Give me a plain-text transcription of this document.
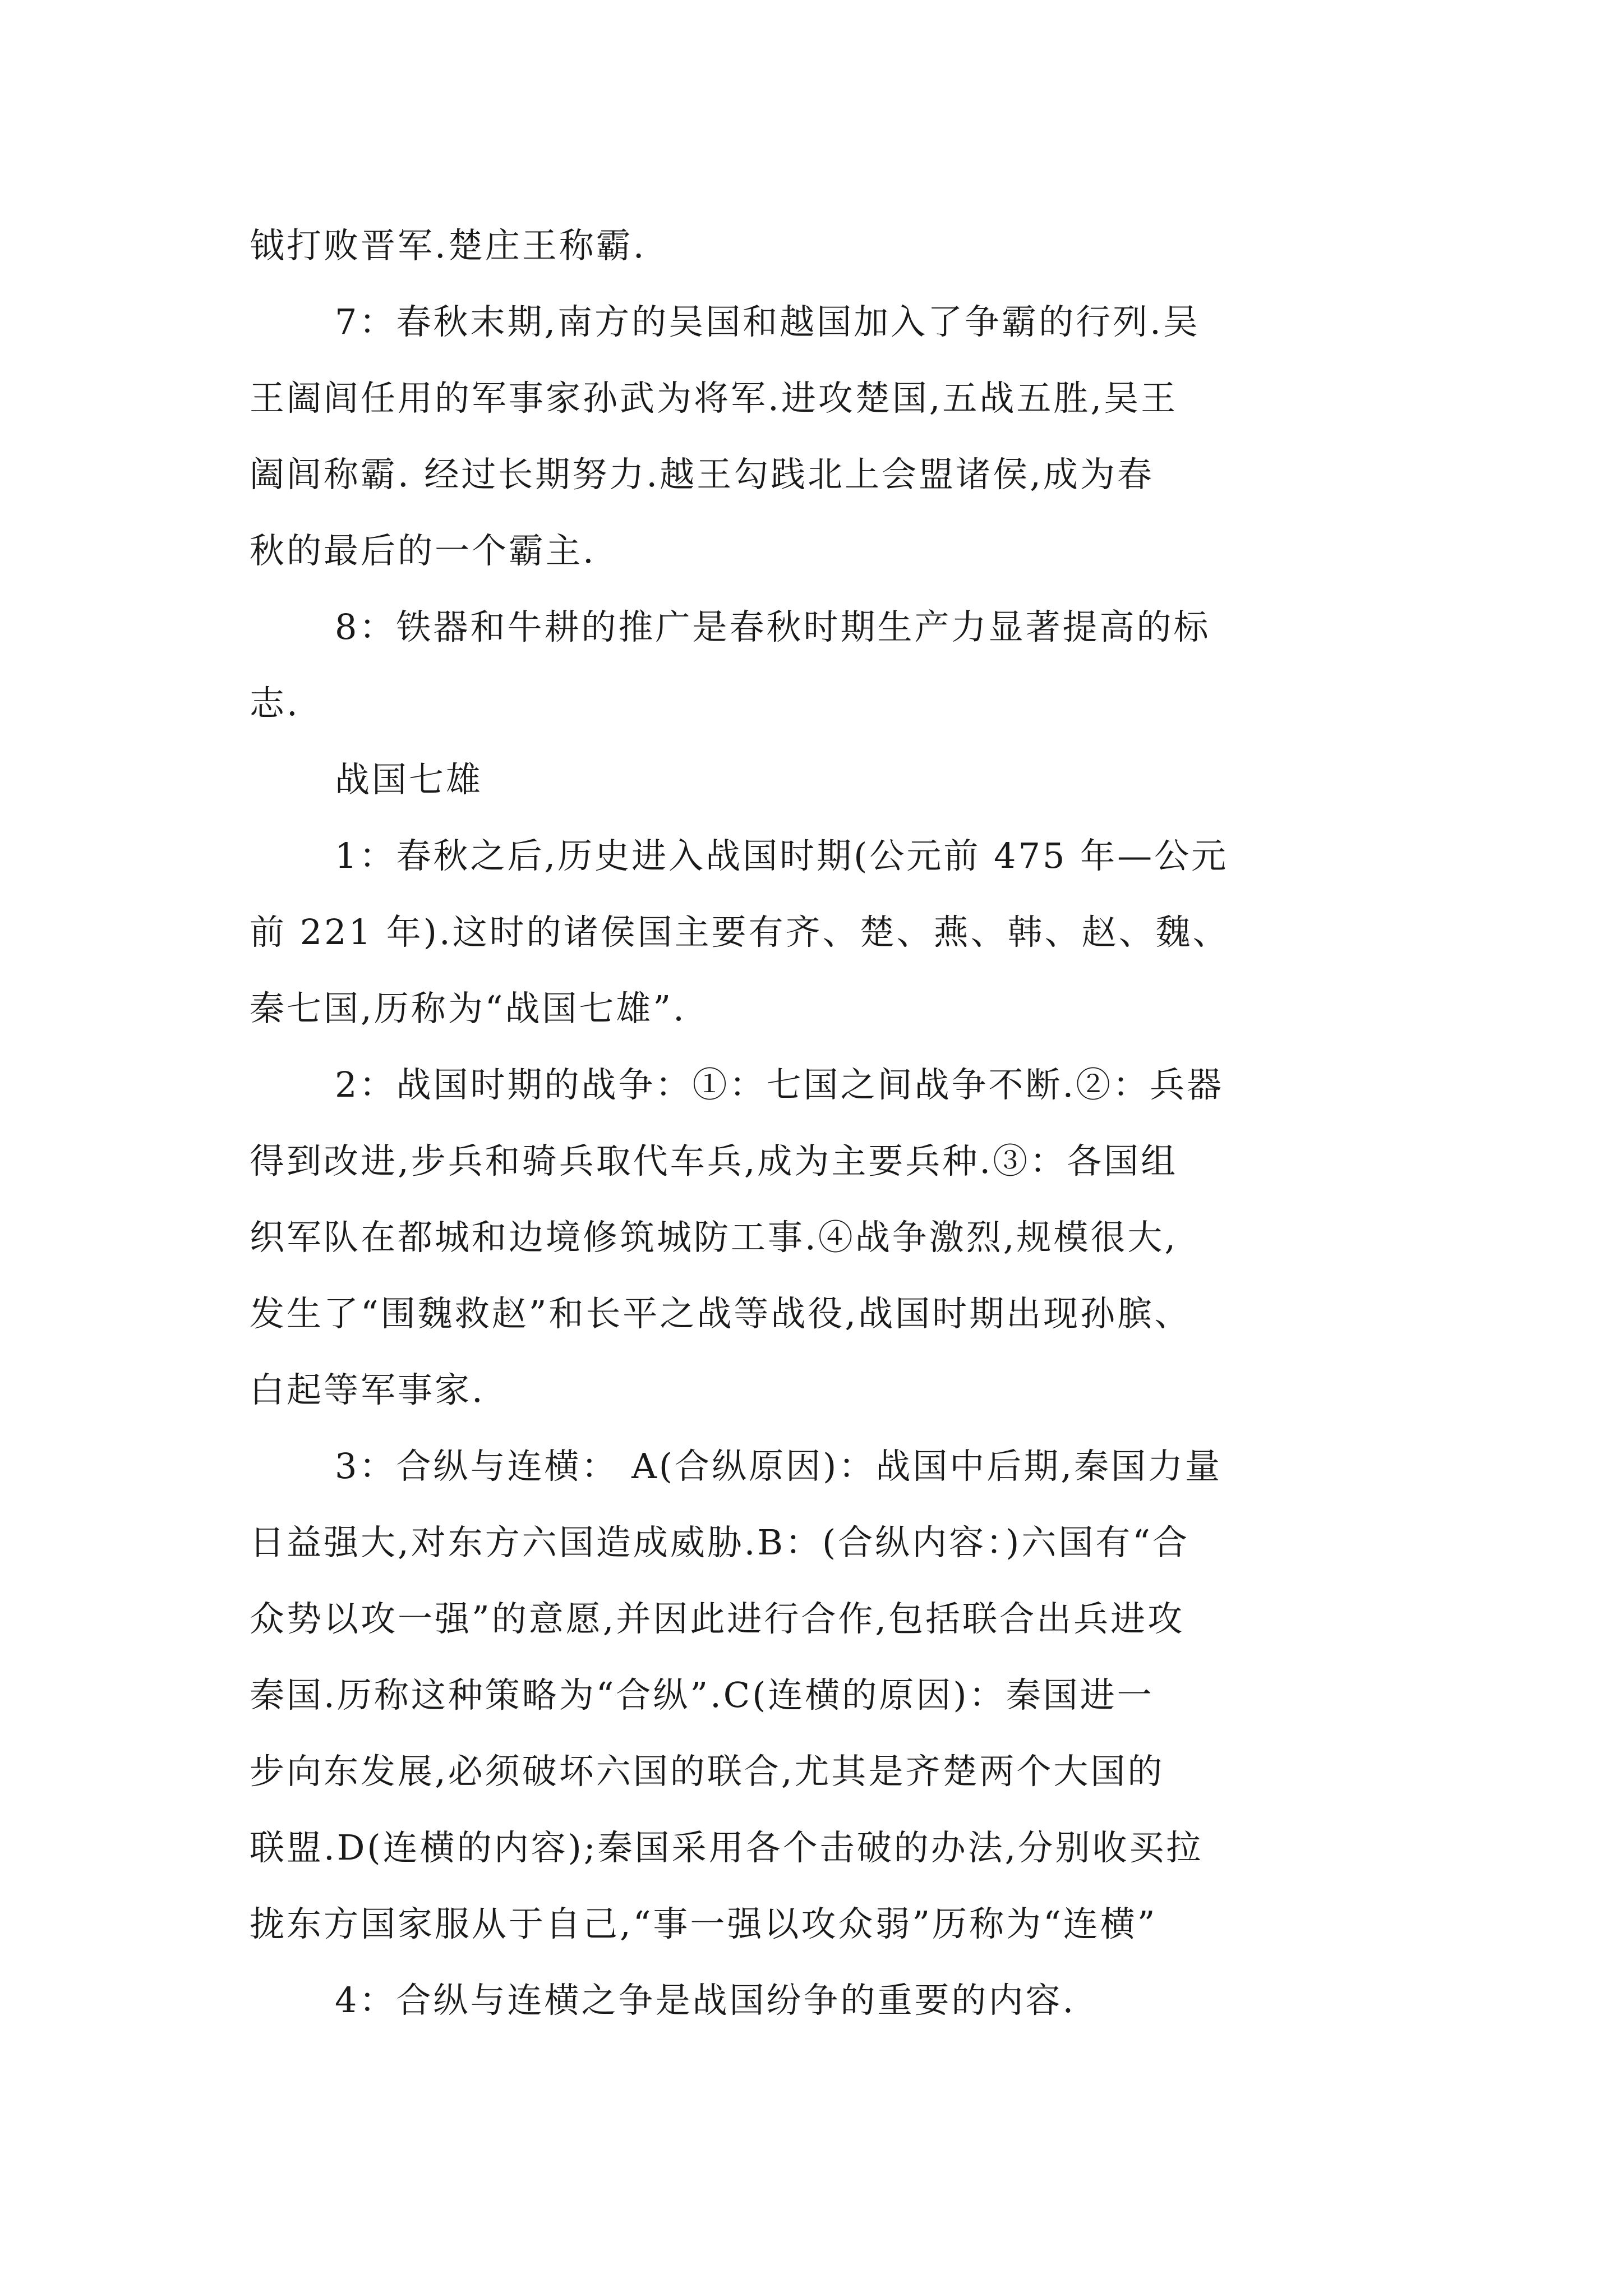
钺打败晋军.楚庄王称霸.
7：春秋末期,南方的吴国和越国加入了争霸的行列.吴
王阖闾任用的军事家孙武为将军.进攻楚国,五战五胜,吴王
阖闾称霸. 经过长期努力.越王勾践北上会盟诸侯,成为春
秋的最后的一个霸主.
8：铁器和牛耕的推广是春秋时期生产力显著提高的标
志.
战国七雄
1：春秋之后,历史进入战国时期(公元前 475 年—公元
前 221 年).这时的诸侯国主要有齐、楚、燕、韩、赵、魏、
秦七国,历称为“战国七雄”.
2：战国时期的战争：①：七国之间战争不断.②：兵器
得到改进,步兵和骑兵取代车兵,成为主要兵种.③：各国组
织军队在都城和边境修筑城防工事.④战争激烈,规模很大,
发生了“围魏救赵”和长平之战等战役,战国时期出现孙膑、
白起等军事家.
3：合纵与连横： A(合纵原因)：战国中后期,秦国力量
日益强大,对东方六国造成威胁.B：(合纵内容：)六国有“合
众势以攻一强”的意愿,并因此进行合作,包括联合出兵进攻
秦国.历称这种策略为“合纵”.C(连横的原因)：秦国进一
步向东发展,必须破坏六国的联合,尤其是齐楚两个大国的
联盟.D(连横的内容);秦国采用各个击破的办法,分别收买拉
拢东方国家服从于自己,“事一强以攻众弱”历称为“连横”
4：合纵与连横之争是战国纷争的重要的内容.
